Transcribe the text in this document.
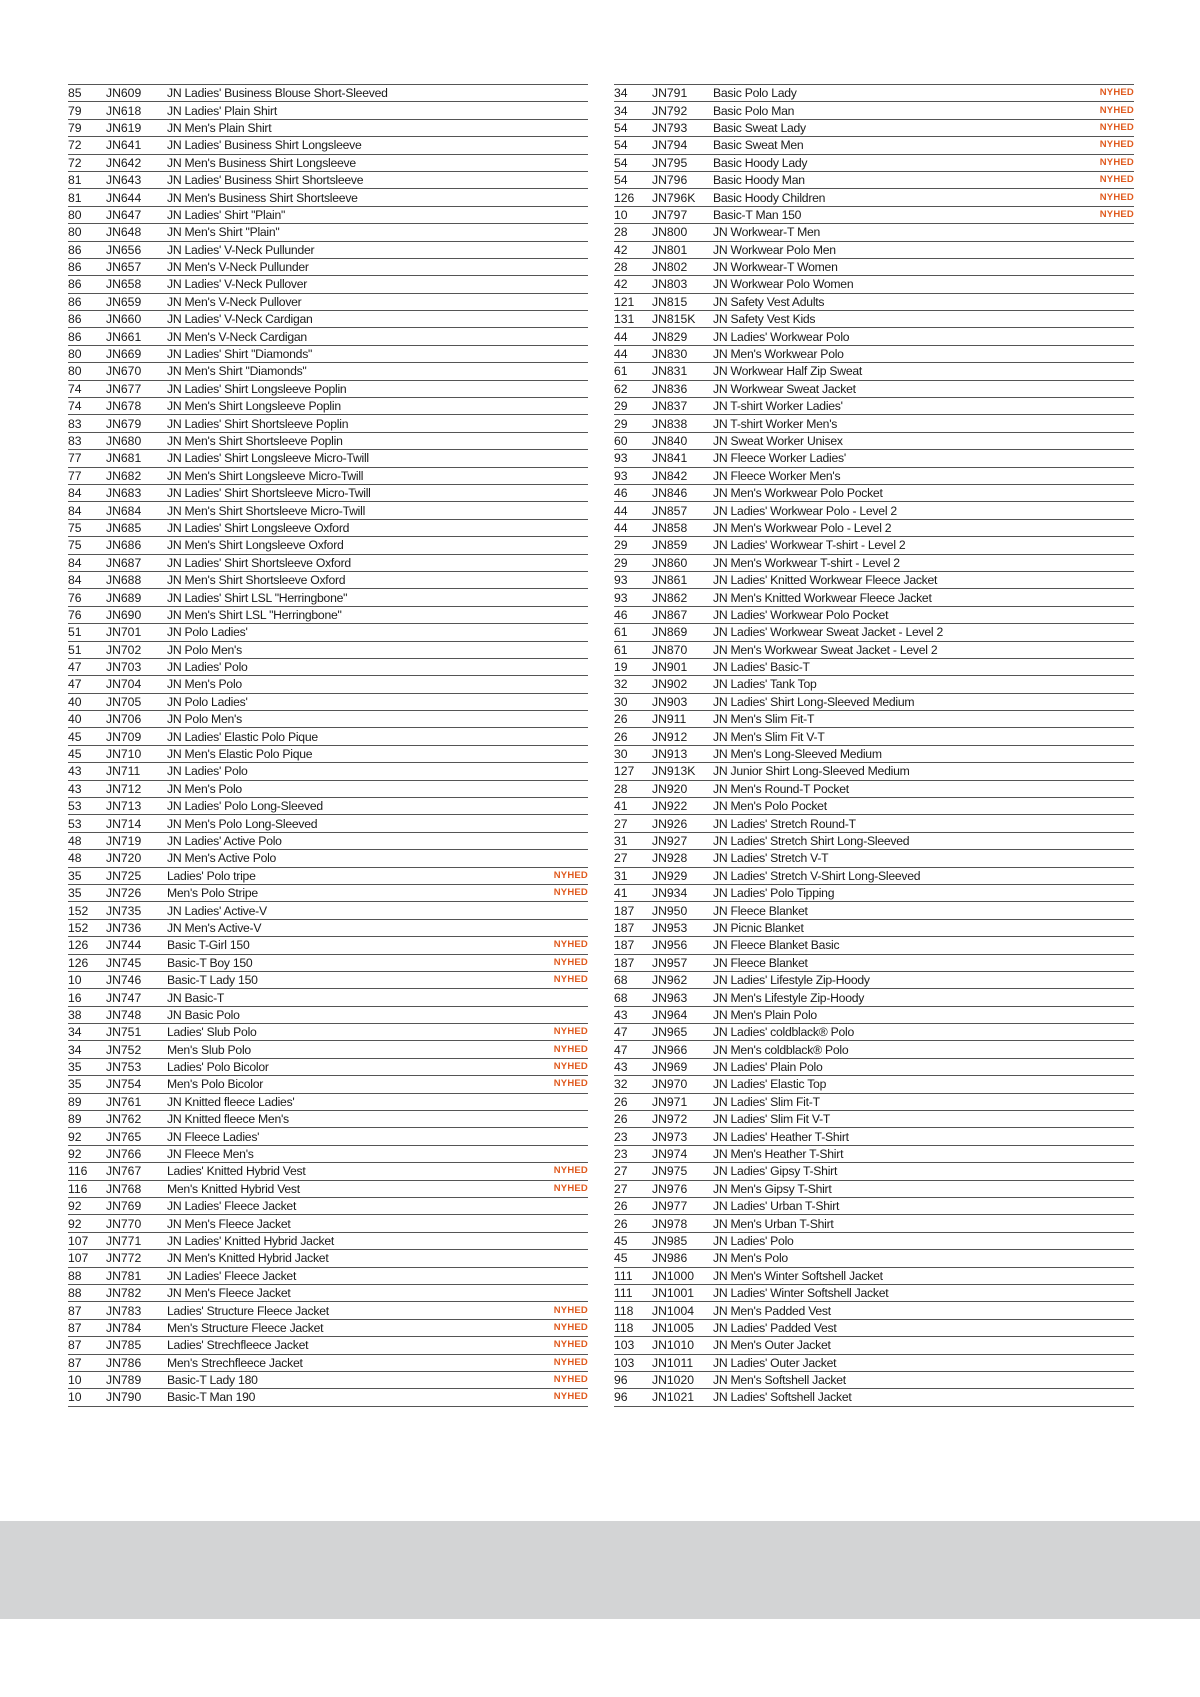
85	JN609	JN Ladies' Business Blouse Short-Sleeved
79	JN618	JN Ladies' Plain Shirt
79	JN619	JN Men's Plain Shirt
72	JN641	JN Ladies' Business Shirt Longsleeve
72	JN642	JN Men's Business Shirt Longsleeve
81	JN643	JN Ladies' Business Shirt Shortsleeve
81	JN644	JN Men's Business Shirt Shortsleeve
80	JN647	JN Ladies' Shirt "Plain"
80	JN648	JN Men's Shirt "Plain"
86	JN656	JN Ladies' V-Neck Pullunder
86	JN657	JN Men's V-Neck Pullunder
86	JN658	JN Ladies' V-Neck Pullover
86	JN659	JN Men's V-Neck Pullover
86	JN660	JN Ladies' V-Neck Cardigan
86	JN661	JN Men's V-Neck Cardigan
80	JN669	JN Ladies' Shirt "Diamonds"
80	JN670	JN Men's Shirt "Diamonds"
74	JN677	JN Ladies' Shirt Longsleeve Poplin
74	JN678	JN Men's Shirt Longsleeve Poplin
83	JN679	JN Ladies' Shirt Shortsleeve Poplin
83	JN680	JN Men's Shirt Shortsleeve Poplin
77	JN681	JN Ladies' Shirt Longsleeve Micro-Twill
77	JN682	JN Men's Shirt Longsleeve Micro-Twill
84	JN683	JN Ladies' Shirt Shortsleeve Micro-Twill
84	JN684	JN Men's Shirt Shortsleeve Micro-Twill
75	JN685	JN Ladies' Shirt Longsleeve Oxford
75	JN686	JN Men's Shirt Longsleeve Oxford
84	JN687	JN Ladies' Shirt Shortsleeve Oxford
84	JN688	JN Men's Shirt Shortsleeve Oxford
76	JN689	JN Ladies' Shirt LSL "Herringbone"
76	JN690	JN Men's Shirt LSL "Herringbone"
51	JN701	JN Polo Ladies'
51	JN702	JN Polo Men's
47	JN703	JN Ladies' Polo
47	JN704	JN Men's Polo
40	JN705	JN Polo Ladies'
40	JN706	JN Polo Men's
45	JN709	JN Ladies' Elastic Polo Pique
45	JN710	JN Men's Elastic Polo Pique
43	JN711	JN Ladies' Polo
43	JN712	JN Men's Polo
53	JN713	JN Ladies' Polo Long-Sleeved
53	JN714	JN Men's Polo Long-Sleeved
48	JN719	JN Ladies' Active Polo
48	JN720	JN Men's Active Polo
35	JN725	Ladies' Polo tripe	NYHED
35	JN726	Men's Polo Stripe	NYHED
152	JN735	JN Ladies' Active-V
152	JN736	JN Men's Active-V
126	JN744	Basic T-Girl 150	NYHED
126	JN745	Basic-T Boy 150	NYHED
10	JN746	Basic-T Lady 150	NYHED
16	JN747	JN Basic-T
38	JN748	JN Basic Polo
34	JN751	Ladies' Slub Polo	NYHED
34	JN752	Men's Slub Polo	NYHED
35	JN753	Ladies' Polo Bicolor	NYHED
35	JN754	Men's Polo Bicolor	NYHED
89	JN761	JN Knitted fleece Ladies'
89	JN762	JN Knitted fleece Men's
92	JN765	JN Fleece Ladies'
92	JN766	JN Fleece Men's
116	JN767	Ladies' Knitted Hybrid Vest	NYHED
116	JN768	Men's Knitted Hybrid Vest	NYHED
92	JN769	JN Ladies' Fleece Jacket
92	JN770	JN Men's Fleece Jacket
107	JN771	JN Ladies' Knitted Hybrid Jacket
107	JN772	JN Men's Knitted Hybrid Jacket
88	JN781	JN Ladies' Fleece Jacket
88	JN782	JN Men's Fleece Jacket
87	JN783	Ladies' Structure Fleece Jacket	NYHED
87	JN784	Men's Structure Fleece Jacket	NYHED
87	JN785	Ladies' Strechfleece Jacket	NYHED
87	JN786	Men's Strechfleece Jacket	NYHED
10	JN789	Basic-T Lady 180	NYHED
10	JN790	Basic-T Man 190	NYHED
34	JN791	Basic Polo Lady	NYHED
34	JN792	Basic Polo Man	NYHED
54	JN793	Basic Sweat Lady	NYHED
54	JN794	Basic Sweat Men	NYHED
54	JN795	Basic Hoody Lady	NYHED
54	JN796	Basic Hoody Man	NYHED
126	JN796K	Basic Hoody Children	NYHED
10	JN797	Basic-T Man 150	NYHED
28	JN800	JN Workwear-T Men
42	JN801	JN Workwear Polo Men
28	JN802	JN Workwear-T Women
42	JN803	JN Workwear Polo Women
121	JN815	JN Safety Vest Adults
131	JN815K	JN Safety Vest Kids
44	JN829	JN Ladies' Workwear Polo
44	JN830	JN Men's Workwear Polo
61	JN831	JN Workwear Half Zip Sweat
62	JN836	JN Workwear Sweat Jacket
29	JN837	JN T-shirt Worker Ladies'
29	JN838	JN T-shirt Worker Men's
60	JN840	JN Sweat Worker Unisex
93	JN841	JN Fleece Worker Ladies'
93	JN842	JN Fleece Worker Men's
46	JN846	JN Men's Workwear Polo Pocket
44	JN857	JN Ladies' Workwear Polo - Level 2
44	JN858	JN Men's Workwear Polo - Level 2
29	JN859	JN Ladies' Workwear T-shirt - Level 2
29	JN860	JN Men's Workwear T-shirt - Level 2
93	JN861	JN Ladies' Knitted Workwear Fleece Jacket
93	JN862	JN Men's Knitted Workwear Fleece Jacket
46	JN867	JN Ladies' Workwear Polo Pocket
61	JN869	JN Ladies' Workwear Sweat Jacket - Level 2
61	JN870	JN Men's Workwear Sweat Jacket - Level 2
19	JN901	JN Ladies' Basic-T
32	JN902	JN Ladies' Tank Top
30	JN903	JN Ladies' Shirt Long-Sleeved Medium
26	JN911	JN Men's Slim Fit-T
26	JN912	JN Men's Slim Fit V-T
30	JN913	JN Men's Long-Sleeved Medium
127	JN913K	JN Junior Shirt Long-Sleeved Medium
28	JN920	JN Men's Round-T Pocket
41	JN922	JN Men's Polo Pocket
27	JN926	JN Ladies' Stretch Round-T
31	JN927	JN Ladies' Stretch Shirt Long-Sleeved
27	JN928	JN Ladies' Stretch V-T
31	JN929	JN Ladies' Stretch V-Shirt Long-Sleeved
41	JN934	JN Ladies' Polo Tipping
187	JN950	JN Fleece Blanket
187	JN953	JN Picnic Blanket
187	JN956	JN Fleece Blanket Basic
187	JN957	JN Fleece Blanket
68	JN962	JN Ladies' Lifestyle Zip-Hoody
68	JN963	JN Men's Lifestyle Zip-Hoody
43	JN964	JN Men's Plain Polo
47	JN965	JN Ladies' coldblack® Polo
47	JN966	JN Men's coldblack® Polo
43	JN969	JN Ladies' Plain Polo
32	JN970	JN Ladies' Elastic Top
26	JN971	JN Ladies' Slim Fit-T
26	JN972	JN Ladies' Slim Fit V-T
23	JN973	JN Ladies' Heather T-Shirt
23	JN974	JN Men's Heather T-Shirt
27	JN975	JN Ladies' Gipsy T-Shirt
27	JN976	JN Men's Gipsy T-Shirt
26	JN977	JN Ladies' Urban T-Shirt
26	JN978	JN Men's Urban T-Shirt
45	JN985	JN Ladies' Polo
45	JN986	JN Men's Polo
111	JN1000	JN Men's Winter Softshell Jacket
111	JN1001	JN Ladies' Winter Softshell Jacket
118	JN1004	JN Men's Padded Vest
118	JN1005	JN Ladies' Padded Vest
103	JN1010	JN Men's Outer Jacket
103	JN1011	JN Ladies' Outer Jacket
96	JN1020	JN Men's Softshell Jacket
96	JN1021	JN Ladies' Softshell Jacket
